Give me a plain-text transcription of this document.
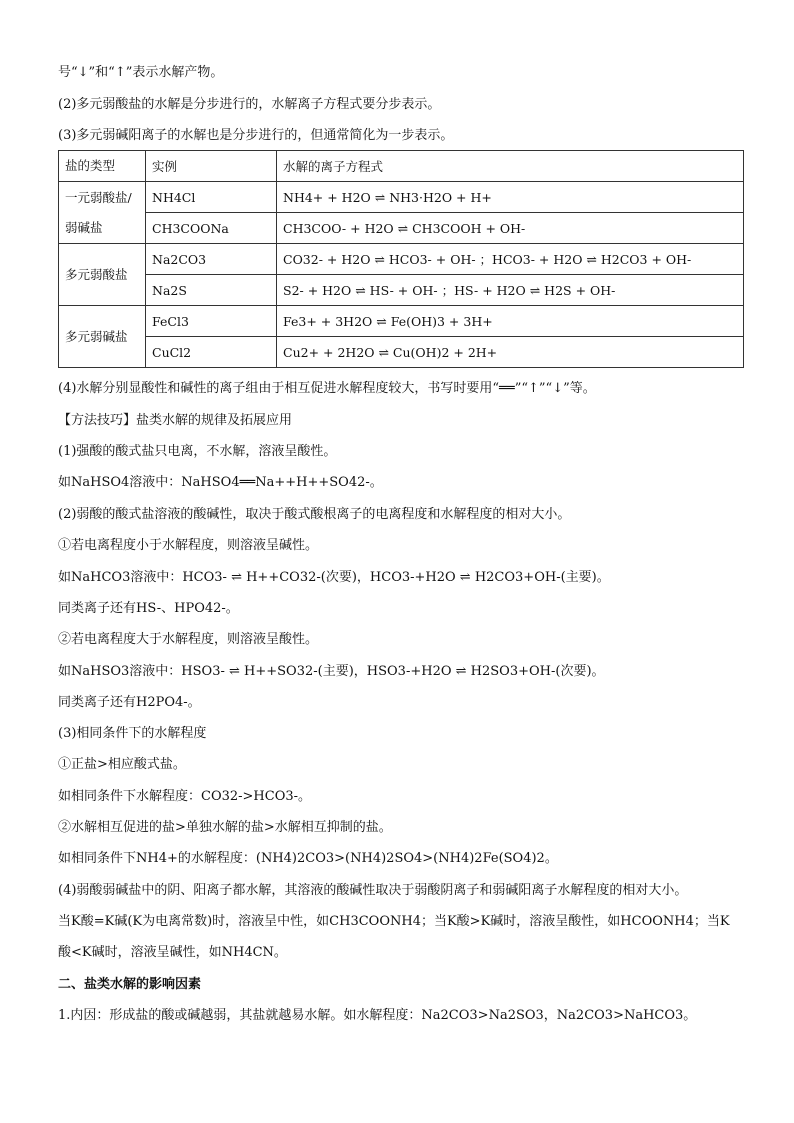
号“↓”和“↑”表示水解产物。
(2)多元弱酸盐的水解是分步进行的，水解离子方程式要分步表示。
(3)多元弱碱阳离子的水解也是分步进行的，但通常简化为一步表示。
盐的类型	实例	水解的离子方程式
一元弱酸盐/弱碱盐	NH4Cl	NH4+ + H2O ⇌ NH3·H2O + H+
	CH3COONa	CH3COO- + H2O ⇌ CH3COOH + OH-
多元弱酸盐	Na2CO3	CO32- + H2O ⇌ HCO3- + OH- ；HCO3- + H2O ⇌ H2CO3 + OH-
	Na2S	S2- + H2O ⇌ HS- + OH- ；HS- + H2O ⇌ H2S + OH-
多元弱碱盐	FeCl3	Fe3+ + 3H2O ⇌ Fe(OH)3 + 3H+
	CuCl2	Cu2+ + 2H2O ⇌ Cu(OH)2 + 2H+
(4)水解分别显酸性和碱性的离子组由于相互促进水解程度较大，书写时要用“══”“↑”“↓”等。
【方法技巧】盐类水解的规律及拓展应用
(1)强酸的酸式盐只电离，不水解，溶液呈酸性。
如NaHSO4溶液中：NaHSO4══Na++H++SO42-。
(2)弱酸的酸式盐溶液的酸碱性，取决于酸式酸根离子的电离程度和水解程度的相对大小。
①若电离程度小于水解程度，则溶液呈碱性。
如NaHCO3溶液中：HCO3- ⇌ H++CO32-(次要)，HCO3-+H2O ⇌ H2CO3+OH-(主要)。
同类离子还有HS-、HPO42-。
②若电离程度大于水解程度，则溶液呈酸性。
如NaHSO3溶液中：HSO3- ⇌ H++SO32-(主要)，HSO3-+H2O ⇌ H2SO3+OH-(次要)。
同类离子还有H2PO4-。
(3)相同条件下的水解程度
①正盐>相应酸式盐。
如相同条件下水解程度：CO32->HCO3-。
②水解相互促进的盐>单独水解的盐>水解相互抑制的盐。
如相同条件下NH4+的水解程度：(NH4)2CO3>(NH4)2SO4>(NH4)2Fe(SO4)2。
(4)弱酸弱碱盐中的阴、阳离子都水解，其溶液的酸碱性取决于弱酸阴离子和弱碱阳离子水解程度的相对大小。
当K酸=K碱(K为电离常数)时，溶液呈中性，如CH3COONH4；当K酸>K碱时，溶液呈酸性，如HCOONH4；当K
酸<K碱时，溶液呈碱性，如NH4CN。
二、盐类水解的影响因素
1.内因：形成盐的酸或碱越弱，其盐就越易水解。如水解程度：Na2CO3>Na2SO3，Na2CO3>NaHCO3。
